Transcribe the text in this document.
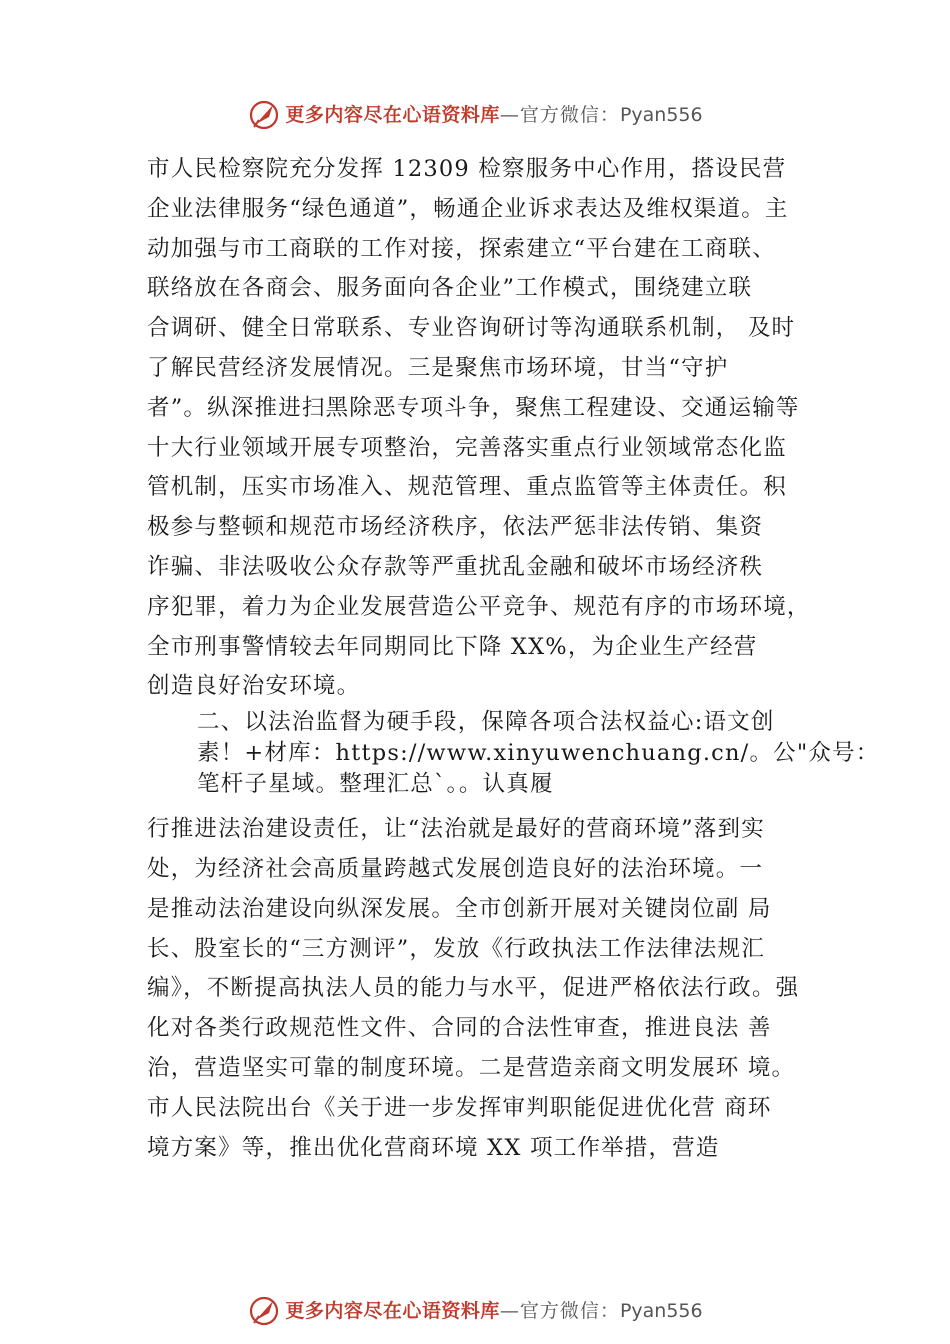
更多内容尽在心语资料库 — 官方微信： Pyan556
市人民检察院充分发挥 12309 检察服务中心作用，搭设民营
企业法律服务“绿色通道”，畅通企业诉求表达及维权渠道。主
动加强与市工商联的工作对接，探索建立“平台建在工商联、
联络放在各商会、服务面向各企业”工作模式，围绕建立联
合调研、健全日常联系、专业咨询研讨等沟通联系机制， 及时
了解民营经济发展情况。三是聚焦市场环境，甘当“守护
者”。纵深推进扫黑除恶专项斗争，聚焦工程建设、交通运输等
十大行业领域开展专项整治，完善落实重点行业领域常态化监
管机制，压实市场准入、规范管理、重点监管等主体责任。积
极参与整顿和规范市场经济秩序，依法严惩非法传销、集资
诈骗、非法吸收公众存款等严重扰乱金融和破坏市场经济秩
序犯罪，着力为企业发展营造公平竞争、规范有序的市场环境，
全市刑事警情较去年同期同比下降 XX%，为企业生产经营
创造良好治安环境。
二、以法治监督为硬手段，保障各项合法权益心:语文创
素！+材库：https://www.xinyuwenchuang.cn/。公"众号：
笔杆子星域。整理汇总`。。认真履
行推进法治建设责任，让“法治就是最好的营商环境”落到实
处，为经济社会高质量跨越式发展创造良好的法治环境。一
是推动法治建设向纵深发展。全市创新开展对关键岗位副 局
长、股室长的“三方测评”，发放《行政执法工作法律法规汇
编》，不断提高执法人员的能力与水平，促进严格依法行政。强
化对各类行政规范性文件、合同的合法性审查，推进良法 善
治，营造坚实可靠的制度环境。二是营造亲商文明发展环 境。
市人民法院出台《关于进一步发挥审判职能促进优化营 商环
境方案》等，推出优化营商环境 XX 项工作举措，营造
更多内容尽在心语资料库 — 官方微信： Pyan556
